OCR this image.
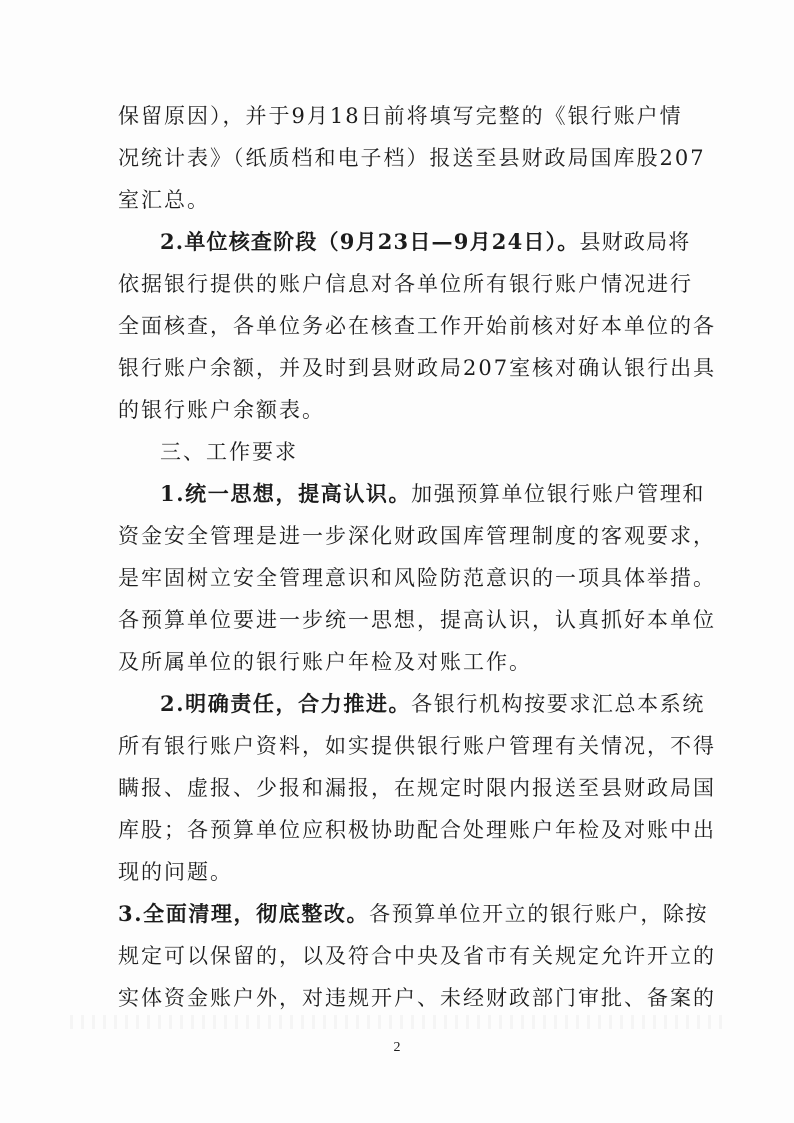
保留原因），并于9月18日前将填写完整的《银行账户情
况统计表》（纸质档和电子档）报送至县财政局国库股207
室汇总。
2.单位核查阶段（9月23日—9月24日）。县财政局将
依据银行提供的账户信息对各单位所有银行账户情况进行
全面核查，各单位务必在核查工作开始前核对好本单位的各
银行账户余额，并及时到县财政局207室核对确认银行出具
的银行账户余额表。
三、工作要求
1.统一思想，提高认识。加强预算单位银行账户管理和
资金安全管理是进一步深化财政国库管理制度的客观要求，
是牢固树立安全管理意识和风险防范意识的一项具体举措。
各预算单位要进一步统一思想，提高认识，认真抓好本单位
及所属单位的银行账户年检及对账工作。
2.明确责任，合力推进。各银行机构按要求汇总本系统
所有银行账户资料，如实提供银行账户管理有关情况，不得
瞒报、虚报、少报和漏报，在规定时限内报送至县财政局国
库股；各预算单位应积极协助配合处理账户年检及对账中出
现的问题。
3.全面清理，彻底整改。各预算单位开立的银行账户，除按
规定可以保留的，以及符合中央及省市有关规定允许开立的
实体资金账户外，对违规开户、未经财政部门审批、备案的
2
